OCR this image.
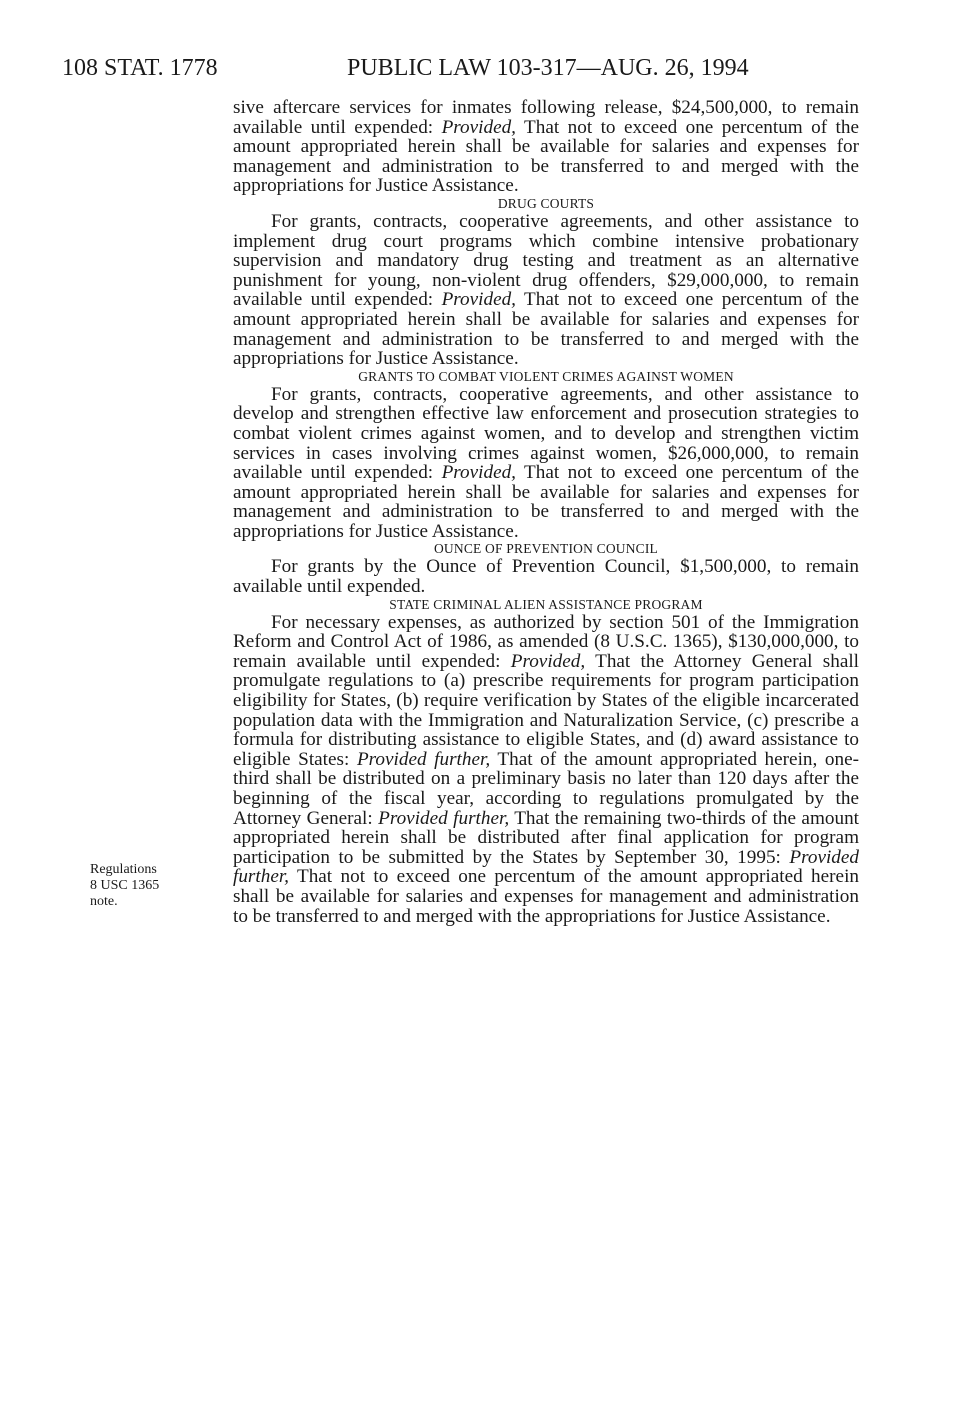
108 STAT. 1778	PUBLIC LAW 103-317—AUG. 26, 1994
Regulations
8 USC 1365
note.

sive aftercare services for inmates following release, $24,500,000, to remain available until expended: Provided, That not to exceed one percentum of the amount appropriated herein shall be available for salaries and expenses for management and administration to be transferred to and merged with the appropriations for Justice Assistance.

DRUG COURTS

For grants, contracts, cooperative agreements, and other assistance to implement drug court programs which combine intensive probationary supervision and mandatory drug testing and treatment as an alternative punishment for young, non-violent drug offenders, $29,000,000, to remain available until expended: Provided, That not to exceed one percentum of the amount appropriated herein shall be available for salaries and expenses for management and administration to be transferred to and merged with the appropriations for Justice Assistance.

GRANTS TO COMBAT VIOLENT CRIMES AGAINST WOMEN

For grants, contracts, cooperative agreements, and other assistance to develop and strengthen effective law enforcement and prosecution strategies to combat violent crimes against women, and to develop and strengthen victim services in cases involving crimes against women, $26,000,000, to remain available until expended: Provided, That not to exceed one percentum of the amount appropriated herein shall be available for salaries and expenses for management and administration to be transferred to and merged with the appropriations for Justice Assistance.

OUNCE OF PREVENTION COUNCIL

For grants by the Ounce of Prevention Council, $1,500,000, to remain available until expended.

STATE CRIMINAL ALIEN ASSISTANCE PROGRAM

For necessary expenses, as authorized by section 501 of the Immigration Reform and Control Act of 1986, as amended (8 U.S.C. 1365), $130,000,000, to remain available until expended: Provided, That the Attorney General shall promulgate regulations to (a) prescribe requirements for program participation eligibility for States, (b) require verification by States of the eligible incarcerated population data with the Immigration and Naturalization Service, (c) prescribe a formula for distributing assistance to eligible States, and (d) award assistance to eligible States: Provided further, That of the amount appropriated herein, one-third shall be distributed on a preliminary basis no later than 120 days after the beginning of the fiscal year, according to regulations promulgated by the Attorney General: Provided further, That the remaining two-thirds of the amount appropriated herein shall be distributed after final application for program participation to be submitted by the States by September 30, 1995: Provided further, That not to exceed one percentum of the amount appropriated herein shall be available for salaries and expenses for management and administration to be transferred to and merged with the appropriations for Justice Assistance.
